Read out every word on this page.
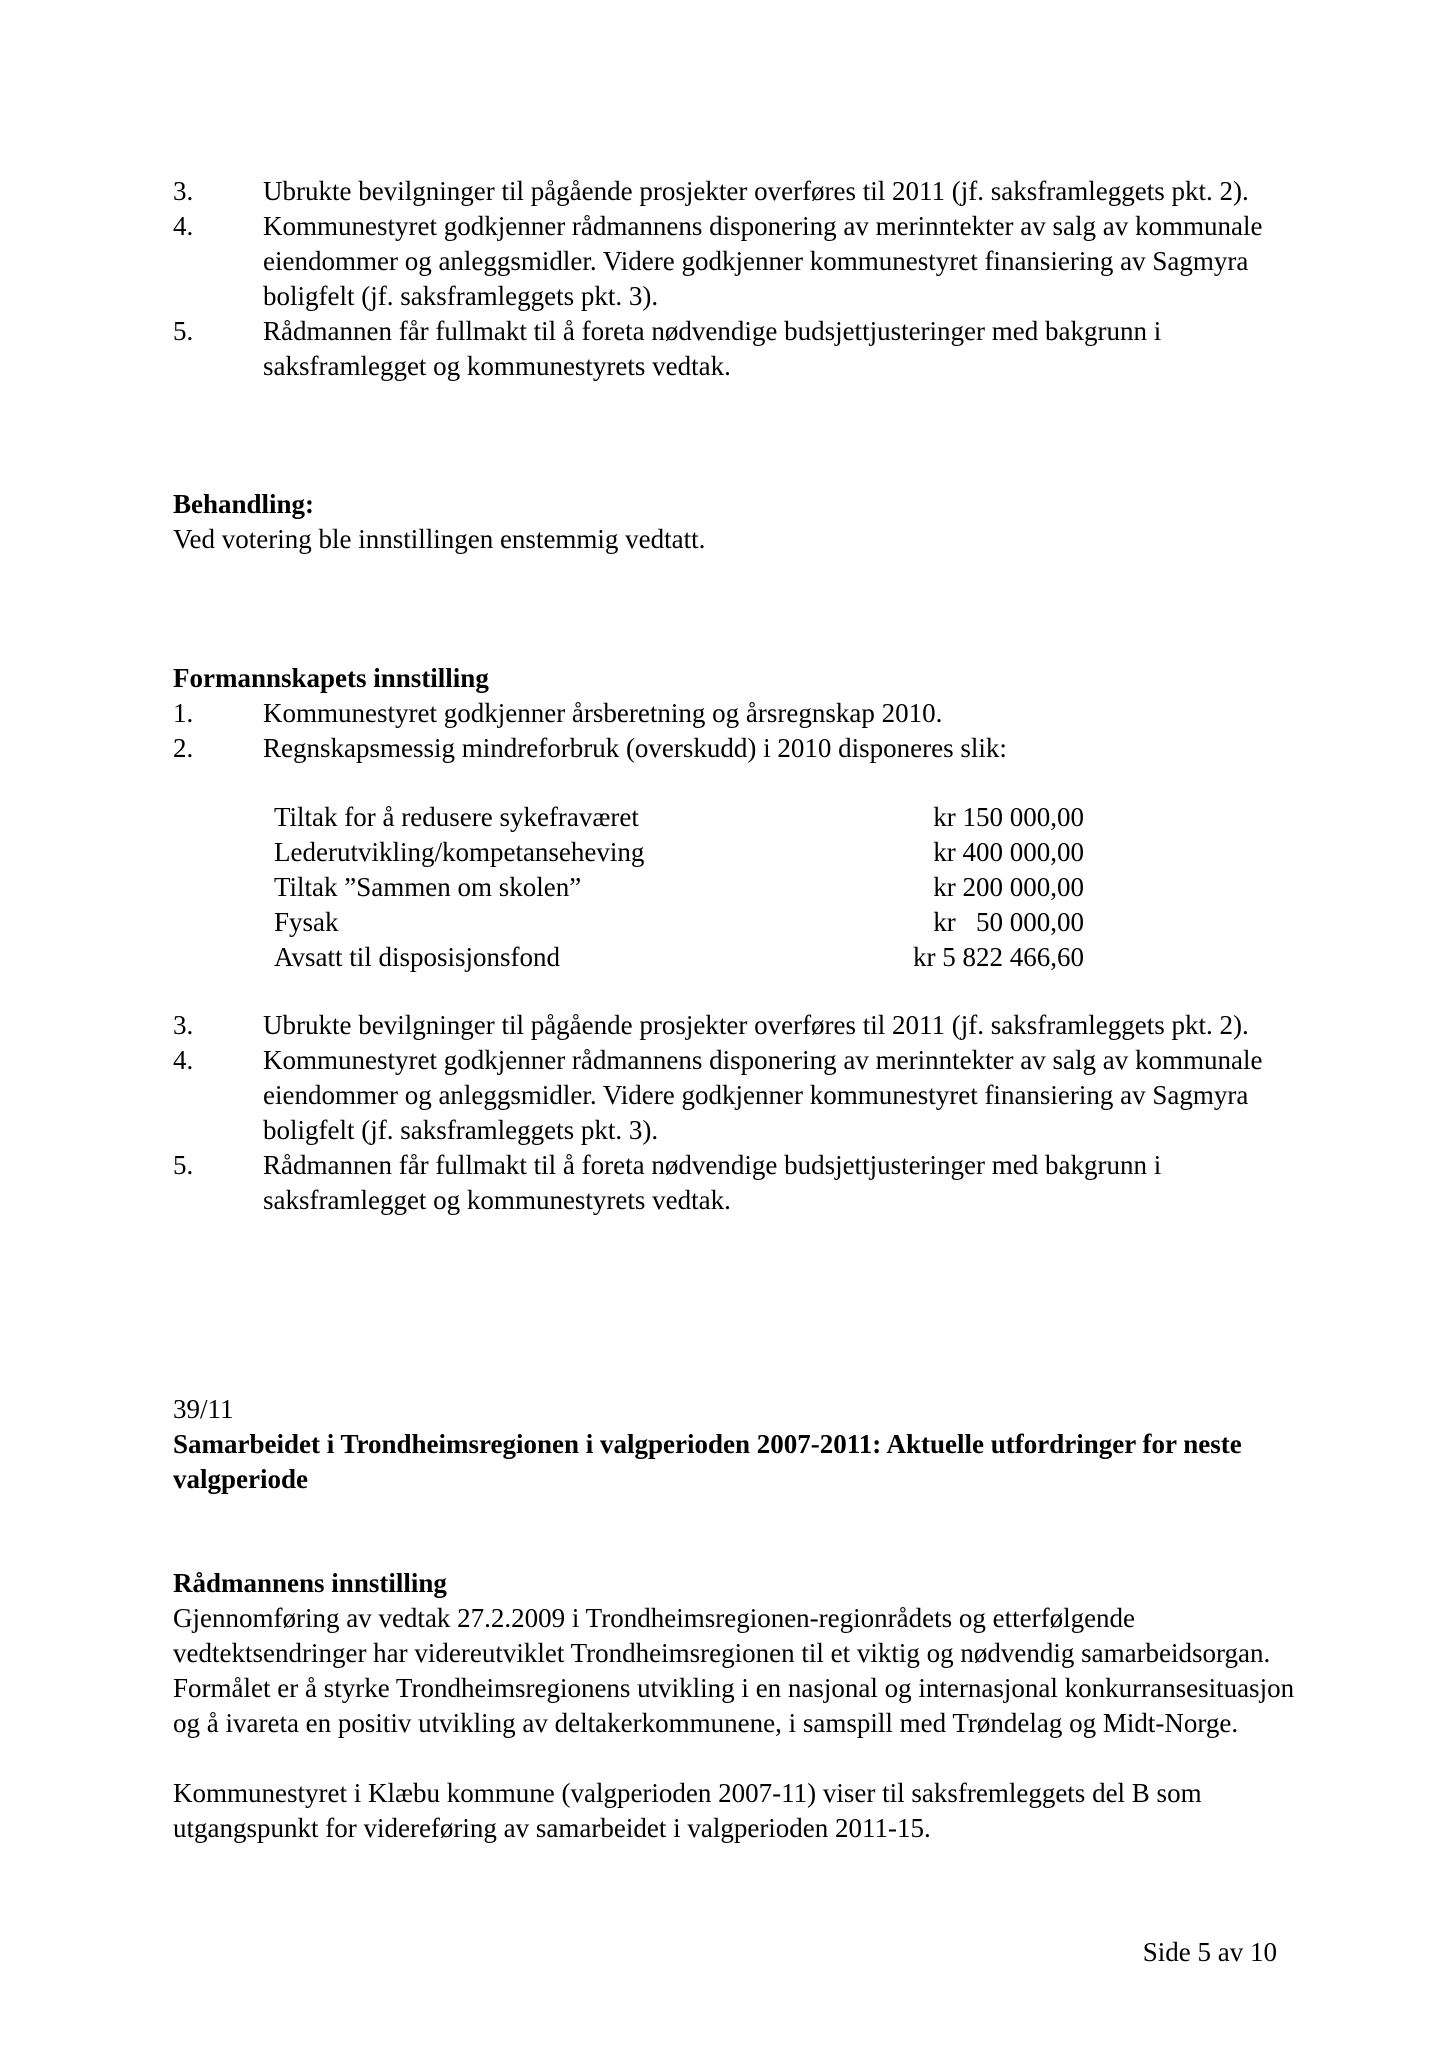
3.	Ubrukte bevilgninger til pågående prosjekter overføres til 2011 (jf. saksframleggets pkt. 2).
4.	Kommunestyret godkjenner rådmannens disponering av merinntekter av salg av kommunale eiendommer og anleggsmidler. Videre godkjenner kommunestyret finansiering av Sagmyra boligfelt (jf. saksframleggets pkt. 3).
5.	Rådmannen får fullmakt til å foreta nødvendige budsjettjusteringer med bakgrunn i saksframlegget og kommunestyrets vedtak.
Behandling:
Ved votering ble innstillingen enstemmig vedtatt.
Formannskapets innstilling
1.	Kommunestyret godkjenner årsberetning og årsregnskap 2010.
2.	Regnskapsmessig mindreforbruk (overskudd) i 2010 disponeres slik:
Tiltak for å redusere sykefraværet	kr 150 000,00
Lederutvikling/kompetanseheving	kr 400 000,00
Tiltak ”Sammen om skolen”	kr 200 000,00
Fysak	kr   50 000,00
Avsatt til disposisjonsfond	kr 5 822 466,60
3.	Ubrukte bevilgninger til pågående prosjekter overføres til 2011 (jf. saksframleggets pkt. 2).
4.	Kommunestyret godkjenner rådmannens disponering av merinntekter av salg av kommunale eiendommer og anleggsmidler. Videre godkjenner kommunestyret finansiering av Sagmyra boligfelt (jf. saksframleggets pkt. 3).
5.	Rådmannen får fullmakt til å foreta nødvendige budsjettjusteringer med bakgrunn i saksframlegget og kommunestyrets vedtak.
39/11
Samarbeidet i Trondheimsregionen i valgperioden 2007-2011: Aktuelle utfordringer for neste valgperiode
Rådmannens innstilling
Gjennomføring av vedtak 27.2.2009 i Trondheimsregionen-regionrådets og etterfølgende vedtektsendringer har videreutviklet Trondheimsregionen til et viktig og nødvendig samarbeidsorgan. Formålet er å styrke Trondheimsregionens utvikling i en nasjonal og internasjonal konkurransesituasjon og å ivareta en positiv utvikling av deltakerkommunene, i samspill med Trøndelag og Midt-Norge.
Kommunestyret i Klæbu kommune (valgperioden 2007-11) viser til saksfremleggets del B som utgangspunkt for videreføring av samarbeidet i valgperioden 2011-15.
Side 5 av 10
